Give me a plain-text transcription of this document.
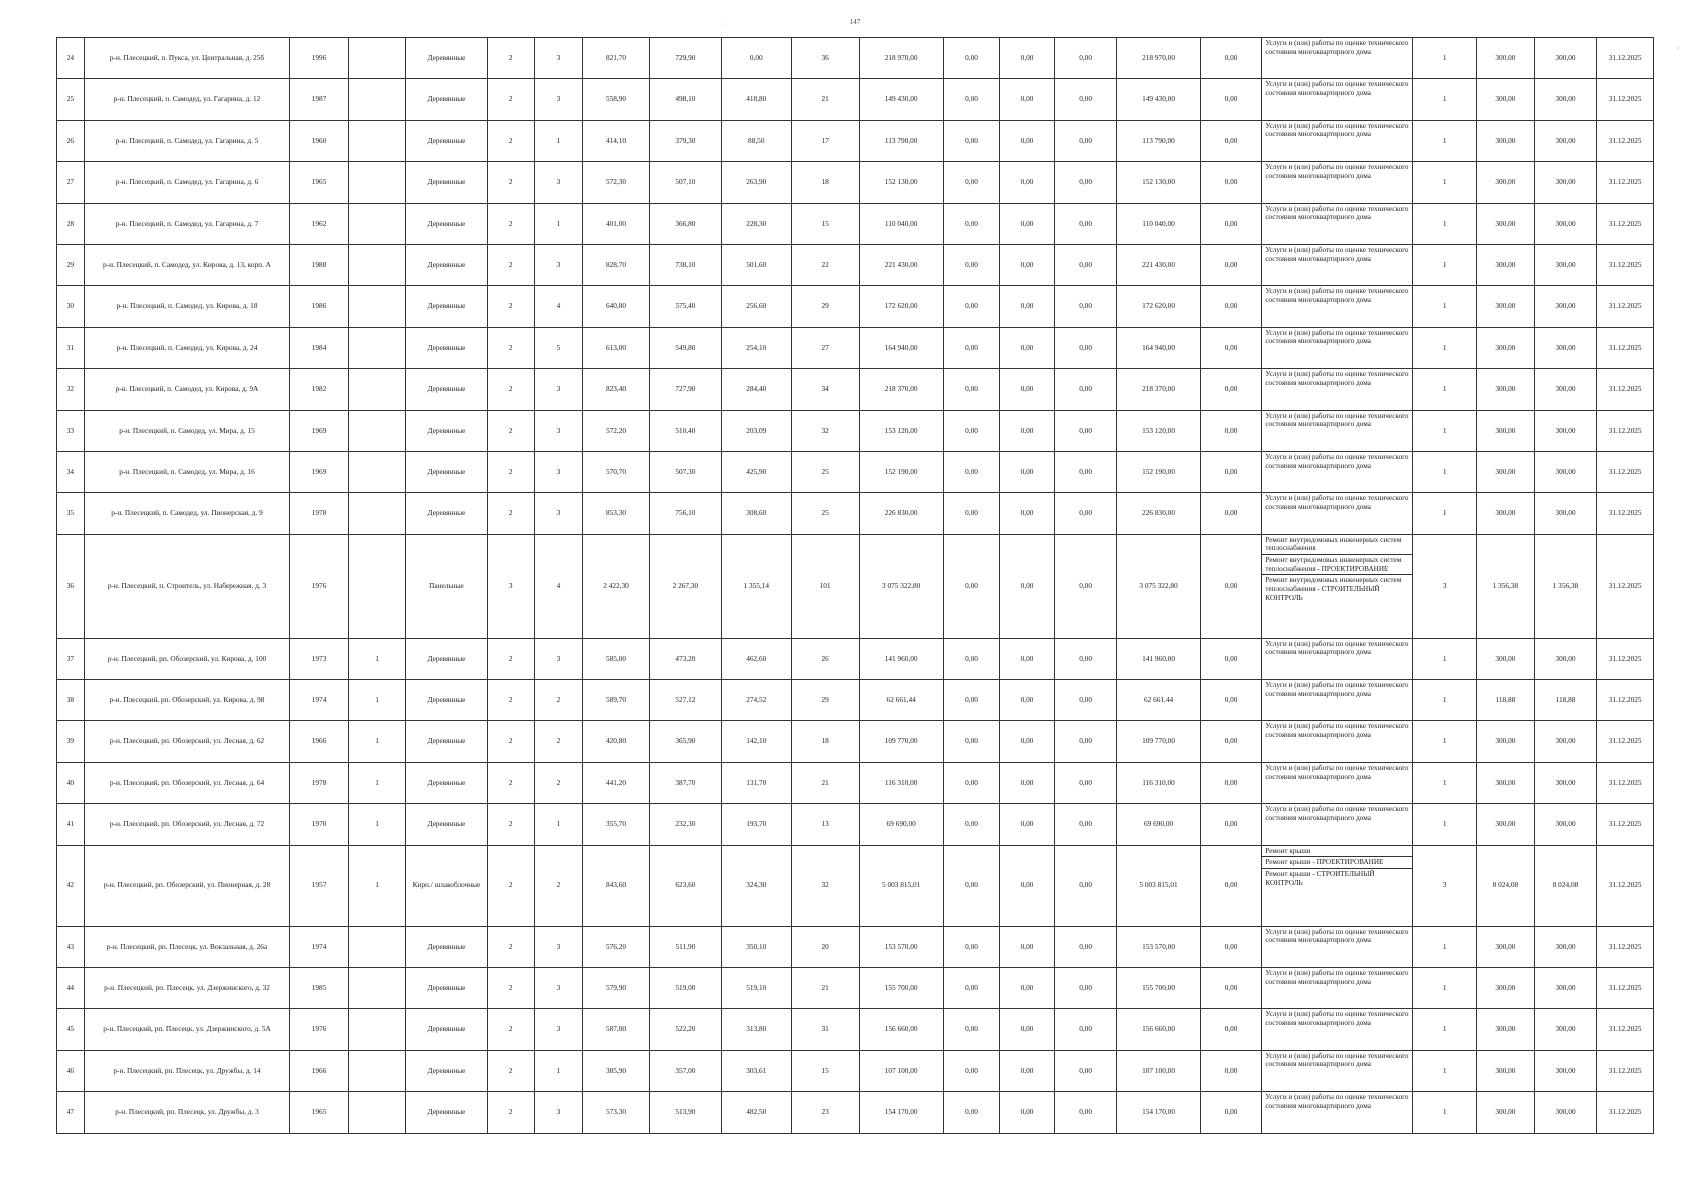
147
·
·
24	р-н. Плесецкий, п. Пукса, ул. Центральная, д. 25б	1996		Деревянные	2	3	821,70	729,90	0,00	36	218 970,00	0,00	0,00	0,00	218 970,00	0,00	Услуги и (или) работы по оценке технического состояния многоквартирного дома	1	300,00	300,00	31.12.2025
25	р-н. Плесецкий, п. Самодед, ул. Гагарина, д. 12	1987		Деревянные	2	3	558,90	498,10	418,80	21	149 430,00	0,00	0,00	0,00	149 430,00	0,00	Услуги и (или) работы по оценке технического состояния многоквартирного дома	1	300,00	300,00	31.12.2025
26	р-н. Плесецкий, п. Самодед, ул. Гагарина, д. 5	1960		Деревянные	2	1	414,10	379,30	88,50	17	113 790,00	0,00	0,00	0,00	113 790,00	0,00	Услуги и (или) работы по оценке технического состояния многоквартирного дома	1	300,00	300,00	31.12.2025
27	р-н. Плесецкий, п. Самодед, ул. Гагарина, д. 6	1965		Деревянные	2	3	572,30	507,10	263,90	18	152 130,00	0,00	0,00	0,00	152 130,00	0,00	Услуги и (или) работы по оценке технического состояния многоквартирного дома	1	300,00	300,00	31.12.2025
28	р-н. Плесецкий, п. Самодед, ул. Гагарина, д. 7	1962		Деревянные	2	1	401,00	366,80	228,30	15	110 040,00	0,00	0,00	0,00	110 040,00	0,00	Услуги и (или) работы по оценке технического состояния многоквартирного дома	1	300,00	300,00	31.12.2025
29	р-н. Плесецкий, п. Самодед, ул. Кирова, д. 13, корп. А	1988		Деревянные	2	3	828,70	738,10	501,60	22	221 430,00	0,00	0,00	0,00	221 430,00	0,00	Услуги и (или) работы по оценке технического состояния многоквартирного дома	1	300,00	300,00	31.12.2025
30	р-н. Плесецкий, п. Самодед, ул. Кирова, д. 18	1986		Деревянные	2	4	640,80	575,40	256,60	29	172 620,00	0,00	0,00	0,00	172 620,00	0,00	Услуги и (или) работы по оценке технического состояния многоквартирного дома	1	300,00	300,00	31.12.2025
31	р-н. Плесецкий, п. Самодед, ул. Кирова, д. 24	1984		Деревянные	2	5	613,00	549,80	254,10	27	164 940,00	0,00	0,00	0,00	164 940,00	0,00	Услуги и (или) работы по оценке технического состояния многоквартирного дома	1	300,00	300,00	31.12.2025
32	р-н. Плесецкий, п. Самодед, ул. Кирова, д. 9А	1982		Деревянные	2	3	823,40	727,90	284,40	34	218 370,00	0,00	0,00	0,00	218 370,00	0,00	Услуги и (или) работы по оценке технического состояния многоквартирного дома	1	300,00	300,00	31.12.2025
33	р-н. Плесецкий, п. Самодед, ул. Мира, д. 15	1969		Деревянные	2	3	572,20	510,40	203,09	32	153 120,00	0,00	0,00	0,00	153 120,00	0,00	Услуги и (или) работы по оценке технического состояния многоквартирного дома	1	300,00	300,00	31.12.2025
34	р-н. Плесецкий, п. Самодед, ул. Мира, д. 16	1969		Деревянные	2	3	570,70	507,30	425,90	25	152 190,00	0,00	0,00	0,00	152 190,00	0,00	Услуги и (или) работы по оценке технического состояния многоквартирного дома	1	300,00	300,00	31.12.2025
35	р-н. Плесецкий, п. Самодед, ул. Пионерская, д. 9	1978		Деревянные	2	3	853,30	756,10	308,60	25	226 830,00	0,00	0,00	0,00	226 830,00	0,00	Услуги и (или) работы по оценке технического состояния многоквартирного дома	1	300,00	300,00	31.12.2025
36	р-н. Плесецкий, п. Строитель, ул. Набережная, д. 3	1976		Панельные	3	4	2 422,30	2 267,30	1 355,14	101	3 075 322,80	0,00	0,00	0,00	3 075 322,80	0,00	Ремонт внутридомовых инженерных систем теплоснабжения
Ремонт внутридомовых инженерных систем теплоснабжения - ПРОЕКТИРОВАНИЕ
Ремонт внутридомовых инженерных систем теплоснабжения - СТРОИТЕЛЬНЫЙ КОНТРОЛЬ	3	1 356,38	1 356,38	31.12.2025
37	р-н. Плесецкий, рп. Обозерский, ул. Кирова, д. 100	1973	1	Деревянные	2	3	585,00	473,20	462,60	26	141 960,00	0,00	0,00	0,00	141 960,00	0,00	Услуги и (или) работы по оценке технического состояния многоквартирного дома	1	300,00	300,00	31.12.2025
38	р-н. Плесецкий, рп. Обозерский, ул. Кирова, д. 98	1974	1	Деревянные	2	2	589,70	527,12	274,52	29	62 661,44	0,00	0,00	0,00	62 661,44	0,00	Услуги и (или) работы по оценке технического состояния многоквартирного дома	1	118,88	118,88	31.12.2025
39	р-н. Плесецкий, рп. Обозерский, ул. Лесная, д. 62	1966	1	Деревянные	2	2	420,80	365,90	142,10	18	109 770,00	0,00	0,00	0,00	109 770,00	0,00	Услуги и (или) работы по оценке технического состояния многоквартирного дома	1	300,00	300,00	31.12.2025
40	р-н. Плесецкий, рп. Обозерский, ул. Лесная, д. 64	1978	1	Деревянные	2	2	441,20	387,70	131,70	21	116 310,00	0,00	0,00	0,00	116 310,00	0,00	Услуги и (или) работы по оценке технического состояния многоквартирного дома	1	300,00	300,00	31.12.2025
41	р-н. Плесецкий, рп. Обозерский, ул. Лесная, д. 72	1970	1	Деревянные	2	1	355,70	232,30	193,70	13	69 690,00	0,00	0,00	0,00	69 690,00	0,00	Услуги и (или) работы по оценке технического состояния многоквартирного дома	1	300,00	300,00	31.12.2025
42	р-н. Плесецкий, рп. Обозерский, ул. Пионерная, д. 28	1957	1	Кирп./ шлакоблочные	2	2	843,60	623,60	324,30	32	5 003 815,01	0,00	0,00	0,00	5 003 815,01	0,00	Ремонт крыши
Ремонт крыши - ПРОЕКТИРОВАНИЕ
Ремонт крыши - СТРОИТЕЛЬНЫЙ КОНТРОЛЬ	3	8 024,08	8 024,08	31.12.2025
43	р-н. Плесецкий, рп. Плесецк, ул. Вокзальная, д. 26а	1974		Деревянные	2	3	576,20	511,90	350,10	20	153 570,00	0,00	0,00	0,00	153 570,00	0,00	Услуги и (или) работы по оценке технического состояния многоквартирного дома	1	300,00	300,00	31.12.2025
44	р-н. Плесецкий, рп. Плесецк, ул. Дзержинского, д. 32	1985		Деревянные	2	3	579,90	519,00	519,10	21	155 700,00	0,00	0,00	0,00	155 700,00	0,00	Услуги и (или) работы по оценке технического состояния многоквартирного дома	1	300,00	300,00	31.12.2025
45	р-н. Плесецкий, рп. Плесецк, ул. Дзержинского, д. 5А	1976		Деревянные	2	3	587,00	522,20	313,80	31	156 660,00	0,00	0,00	0,00	156 660,00	0,00	Услуги и (или) работы по оценке технического состояния многоквартирного дома	1	300,00	300,00	31.12.2025
46	р-н. Плесецкий, рп. Плесецк, ул. Дружбы, д. 14	1966		Деревянные	2	1	385,90	357,00	303,61	15	107 100,00	0,00	0,00	0,00	107 100,00	0,00	Услуги и (или) работы по оценке технического состояния многоквартирного дома	1	300,00	300,00	31.12.2025
47	р-н. Плесецкий, рп. Плесецк, ул. Дружбы, д. 3	1965		Деревянные	2	3	573,30	513,90	482,50	23	154 170,00	0,00	0,00	0,00	154 170,00	0,00	Услуги и (или) работы по оценке технического состояния многоквартирного дома	1	300,00	300,00	31.12.2025
